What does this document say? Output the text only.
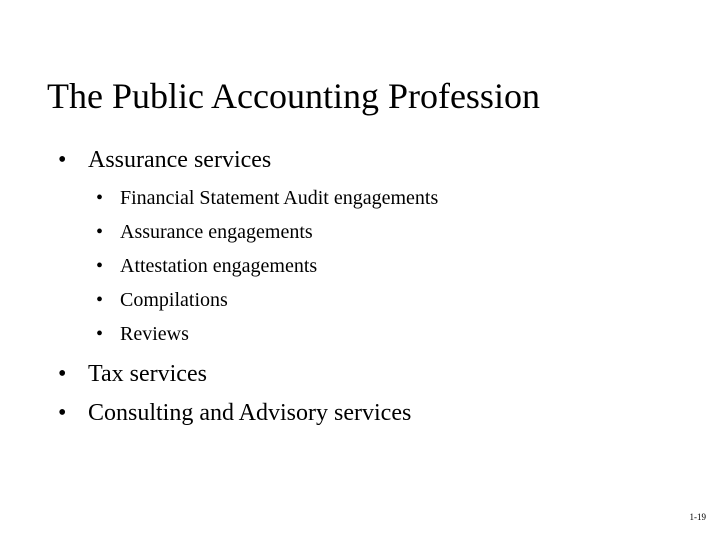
The Public Accounting Profession
• Assurance services
• Financial Statement Audit engagements
• Assurance engagements
• Attestation engagements
• Compilations
• Reviews
• Tax services
• Consulting and Advisory services
1-19
